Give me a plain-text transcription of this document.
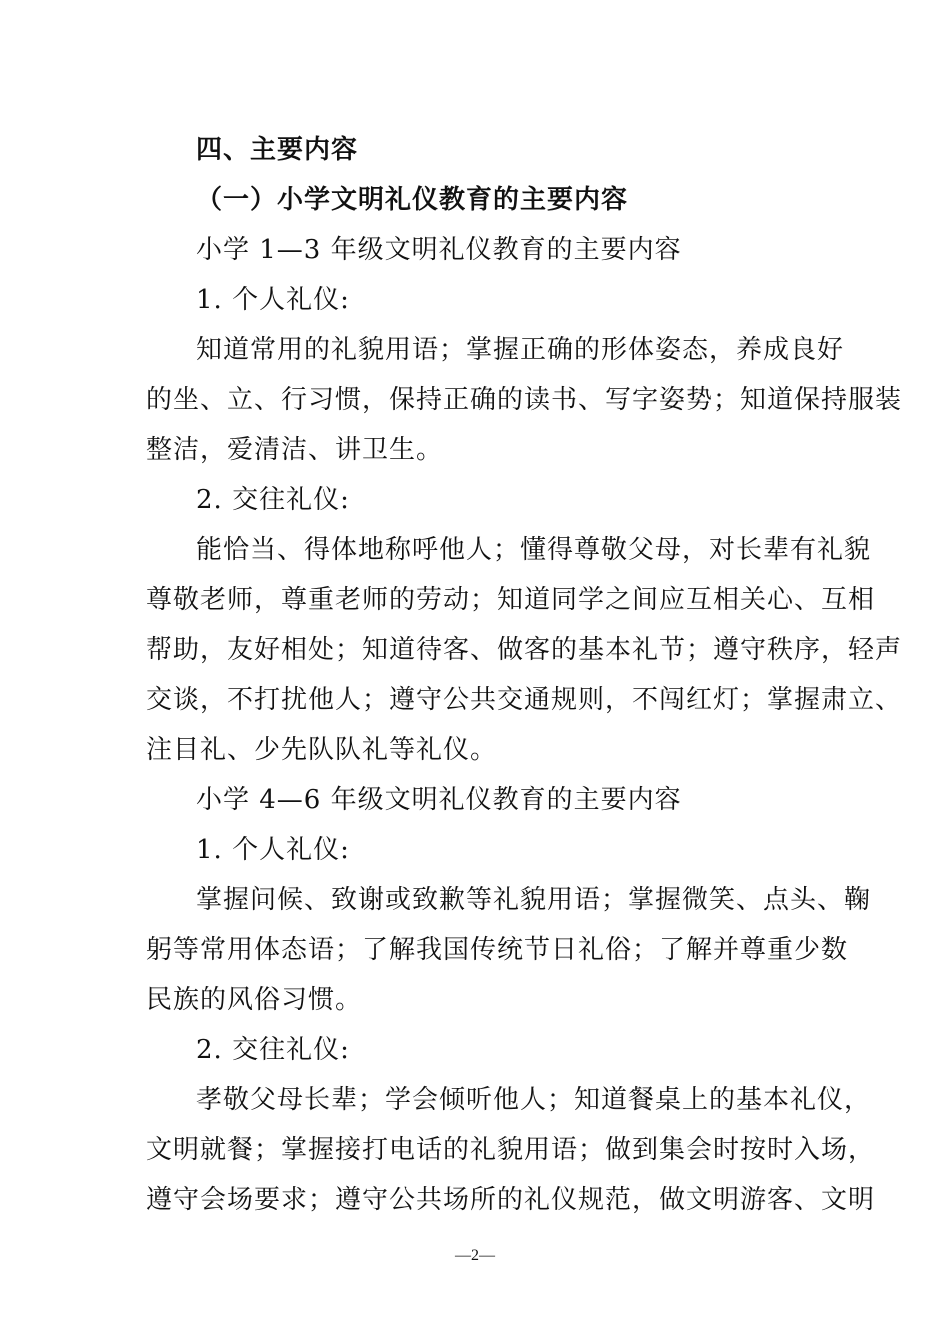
四、主要内容
（一）小学文明礼仪教育的主要内容
小学 1—3 年级文明礼仪教育的主要内容
1. 个人礼仪:
知道常用的礼貌用语；掌握正确的形体姿态，养成良好
的坐、立、行习惯，保持正确的读书、写字姿势；知道保持服装
整洁，爱清洁、讲卫生。
2. 交往礼仪:
能恰当、得体地称呼他人；懂得尊敬父母，对长辈有礼貌
尊敬老师，尊重老师的劳动；知道同学之间应互相关心、互相
帮助，友好相处；知道待客、做客的基本礼节；遵守秩序，轻声
交谈，不打扰他人；遵守公共交通规则，不闯红灯；掌握肃立、
注目礼、少先队队礼等礼仪。
小学 4—6 年级文明礼仪教育的主要内容
1. 个人礼仪:
掌握问候、致谢或致歉等礼貌用语；掌握微笑、点头、鞠
躬等常用体态语；了解我国传统节日礼俗；了解并尊重少数
民族的风俗习惯。
2. 交往礼仪:
孝敬父母长辈；学会倾听他人；知道餐桌上的基本礼仪，
文明就餐；掌握接打电话的礼貌用语；做到集会时按时入场，
遵守会场要求；遵守公共场所的礼仪规范，做文明游客、文明
—2—
